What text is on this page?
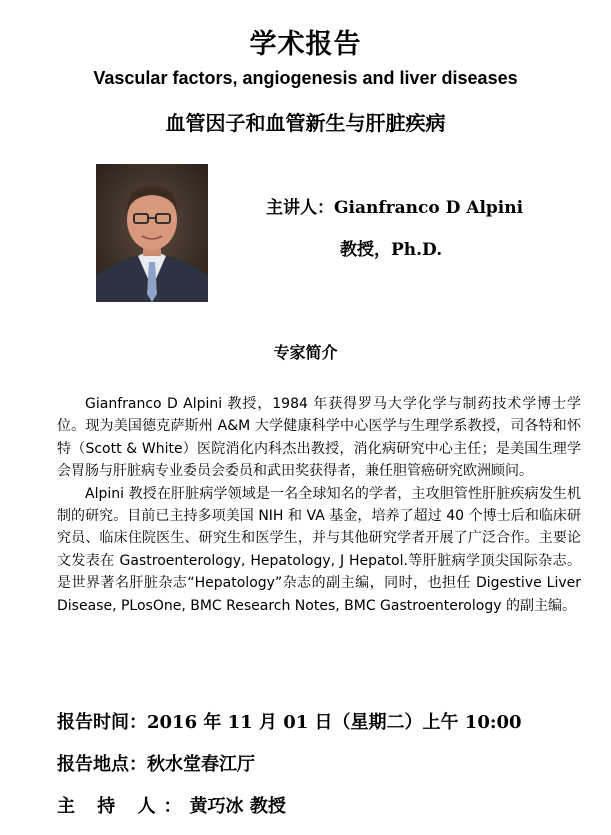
学术报告
Vascular factors, angiogenesis and liver diseases
血管因子和血管新生与肝脏疾病
主讲人：Gianfranco D Alpini
教授，Ph.D.
专家简介

Gianfranco D Alpini 教授，1984 年获得罗马大学化学与制药技术学博士学位。现为美国德克萨斯州 A&M 大学健康科学中心医学与生理学系教授，司各特和怀特（Scott & White）医院消化内科杰出教授，消化病研究中心主任；是美国生理学会胃肠与肝脏病专业委员会委员和武田奖获得者，兼任胆管癌研究欧洲顾问。

Alpini 教授在肝脏病学领域是一名全球知名的学者，主攻胆管性肝脏疾病发生机制的研究。目前已主持多项美国 NIH 和 VA 基金，培养了超过 40 个博士后和临床研究员、临床住院医生、研究生和医学生，并与其他研究学者开展了广泛合作。主要论文发表在 Gastroenterology, Hepatology, J Hepatol.等肝脏病学顶尖国际杂志。是世界著名肝脏杂志“Hepatology”杂志的副主编，同时，也担任 Digestive Liver Disease, PLosOne, BMC Research Notes, BMC Gastroenterology 的副主编。

报告时间：2016 年 11 月 01 日（星期二）上午 10:00
报告地点：秋水堂春江厅
主 持 人：黄巧冰 教授
